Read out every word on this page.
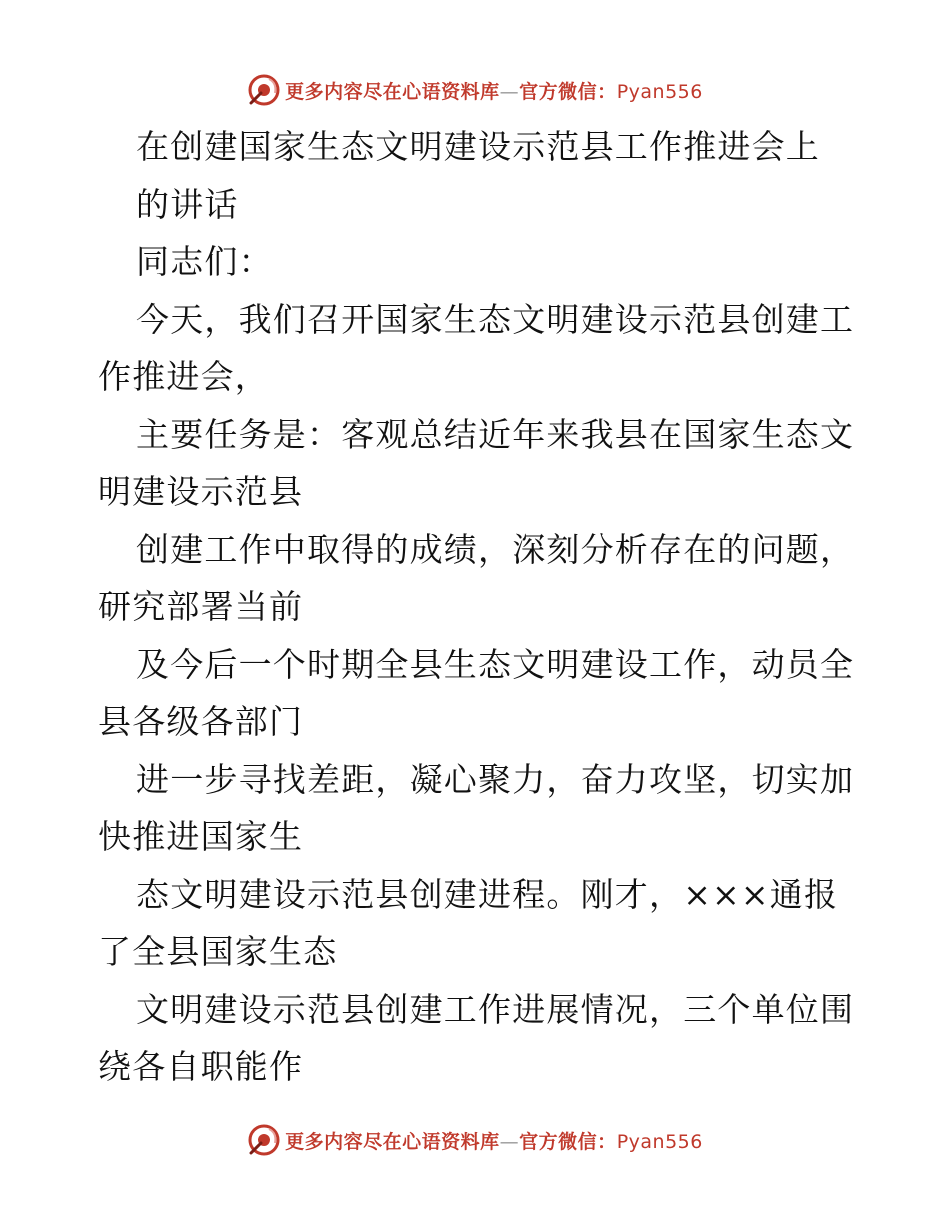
更多内容尽在心语资料库—官方微信：Pyan556
在创建国家生态文明建设示范县工作推进会上
的讲话
同志们：
今天，我们召开国家生态文明建设示范县创建工
作推进会，
主要任务是：客观总结近年来我县在国家生态文
明建设示范县
创建工作中取得的成绩，深刻分析存在的问题，
研究部署当前
及今后一个时期全县生态文明建设工作，动员全
县各级各部门
进一步寻找差距，凝心聚力，奋力攻坚，切实加
快推进国家生
态文明建设示范县创建进程。刚才，×××通报
了全县国家生态
文明建设示范县创建工作进展情况，三个单位围
绕各自职能作
更多内容尽在心语资料库—官方微信：Pyan556
